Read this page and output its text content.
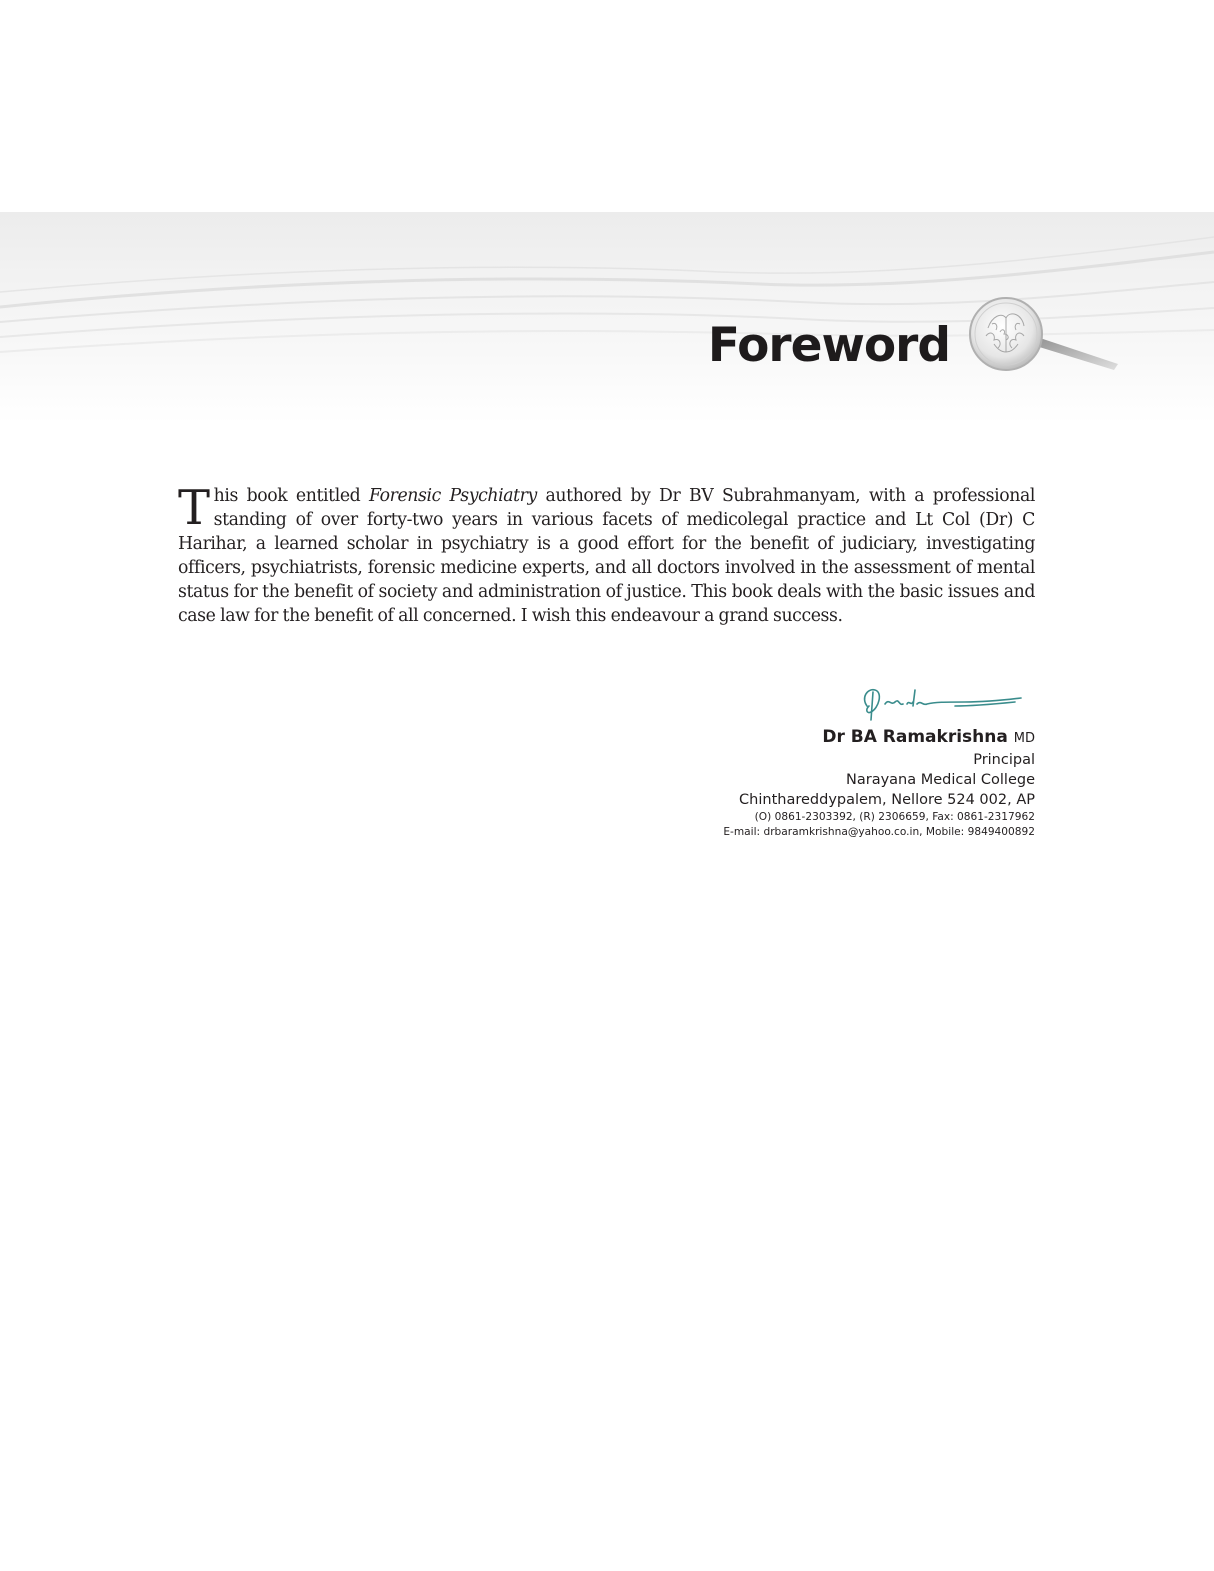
Foreword
This book entitled Forensic Psychiatry authored by Dr BV Subrahmanyam, with a professional standing of over forty-two years in various facets of medicolegal practice and Lt Col (Dr) C Harihar, a learned scholar in psychiatry is a good effort for the benefit of judiciary, investigating officers, psychiatrists, forensic medicine experts, and all doctors involved in the assessment of mental status for the benefit of society and administration of justice. This book deals with the basic issues and case law for the benefit of all concerned. I wish this endeavour a grand success.
Dr BA Ramakrishna MD
Principal
Narayana Medical College
Chinthareddypalem, Nellore 524 002, AP
(O) 0861-2303392, (R) 2306659, Fax: 0861-2317962
E-mail: drbaramkrishna@yahoo.co.in, Mobile: 9849400892
